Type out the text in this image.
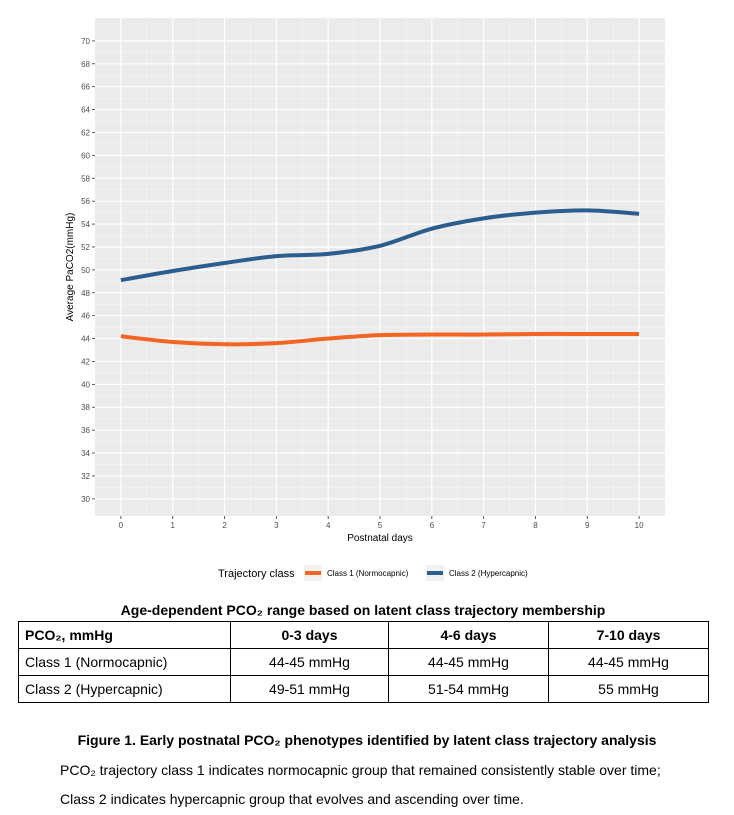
30
32
34
36
38
40
42
44
46
48
50
52
54
56
58
60
62
64
66
68
70
0	1	2	3	4	5	6	7	8	9	10
Postnatal days
Average PaCO2(mmHg)
Trajectory class	Class 1 (Normocapnic)	Class 2 (Hypercapnic)
Age-dependent PCO₂ range based on latent class trajectory membership
PCO₂, mmHg	0-3 days	4-6 days	7-10 days
Class 1 (Normocapnic)	44-45 mmHg	44-45 mmHg	44-45 mmHg
Class 2 (Hypercapnic)	49-51 mmHg	51-54 mmHg	55 mmHg
Figure 1. Early postnatal PCO₂ phenotypes identified by latent class trajectory analysis
PCO₂ trajectory class 1 indicates normocapnic group that remained consistently stable over time;
Class 2 indicates hypercapnic group that evolves and ascending over time.
